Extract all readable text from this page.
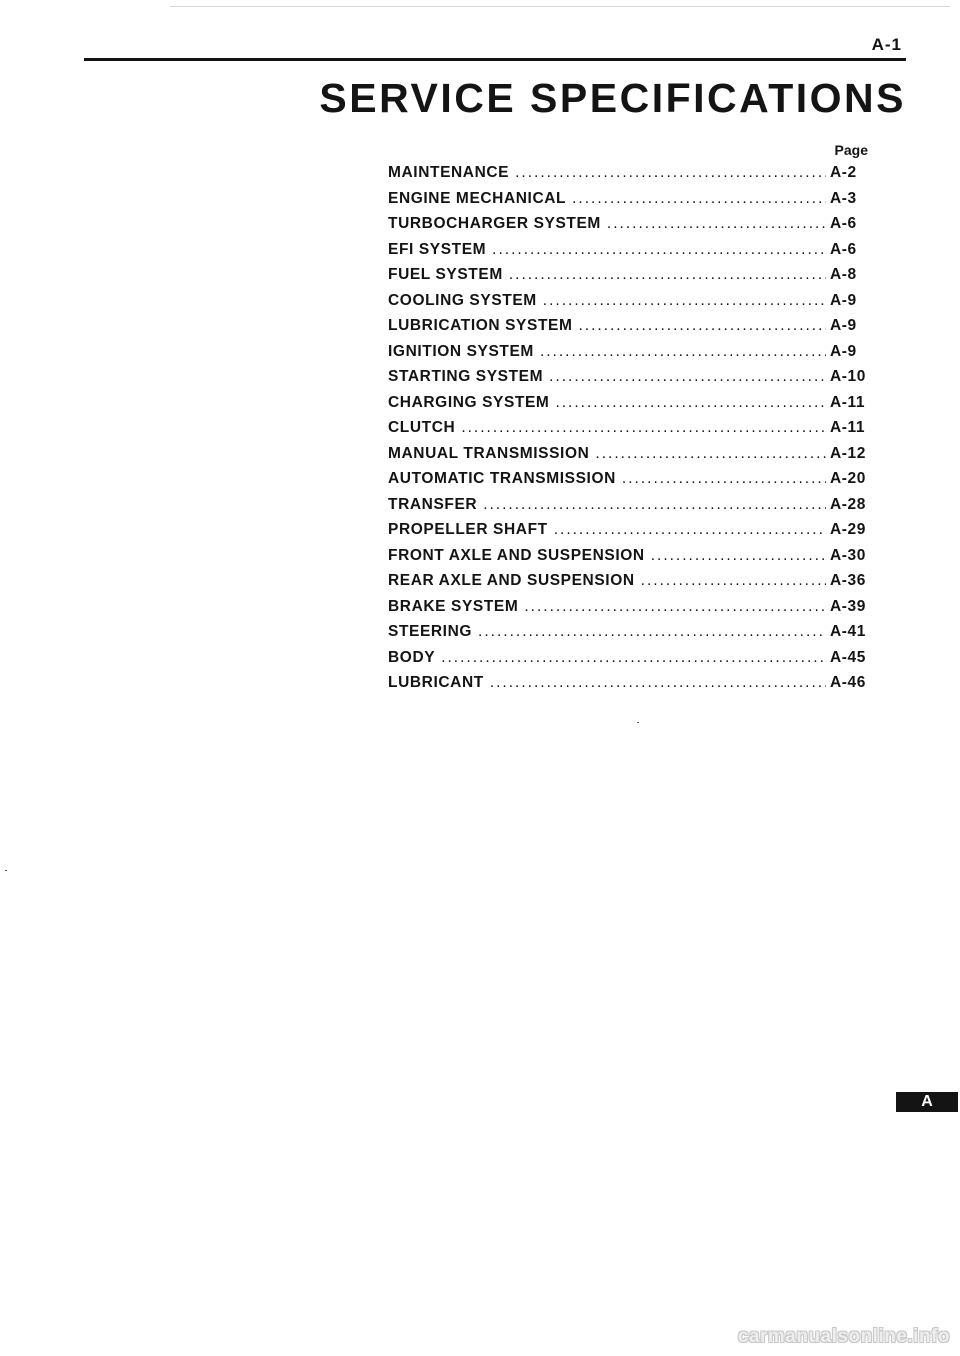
A-1
SERVICE SPECIFICATIONS
Page
MAINTENANCE .....	A-2
ENGINE MECHANICAL .....	A-3
TURBOCHARGER SYSTEM .....	A-6
EFI SYSTEM .....	A-6
FUEL SYSTEM .....	A-8
COOLING SYSTEM .....	A-9
LUBRICATION SYSTEM .....	A-9
IGNITION SYSTEM .....	A-9
STARTING SYSTEM .....	A-10
CHARGING SYSTEM .....	A-11
CLUTCH .....	A-11
MANUAL TRANSMISSION .....	A-12
AUTOMATIC TRANSMISSION .....	A-20
TRANSFER .....	A-28
PROPELLER SHAFT .....	A-29
FRONT AXLE AND SUSPENSION .....	A-30
REAR AXLE AND SUSPENSION .....	A-36
BRAKE SYSTEM .....	A-39
STEERING .....	A-41
BODY .....	A-45
LUBRICANT .....	A-46
A
carmanualsonline.info
